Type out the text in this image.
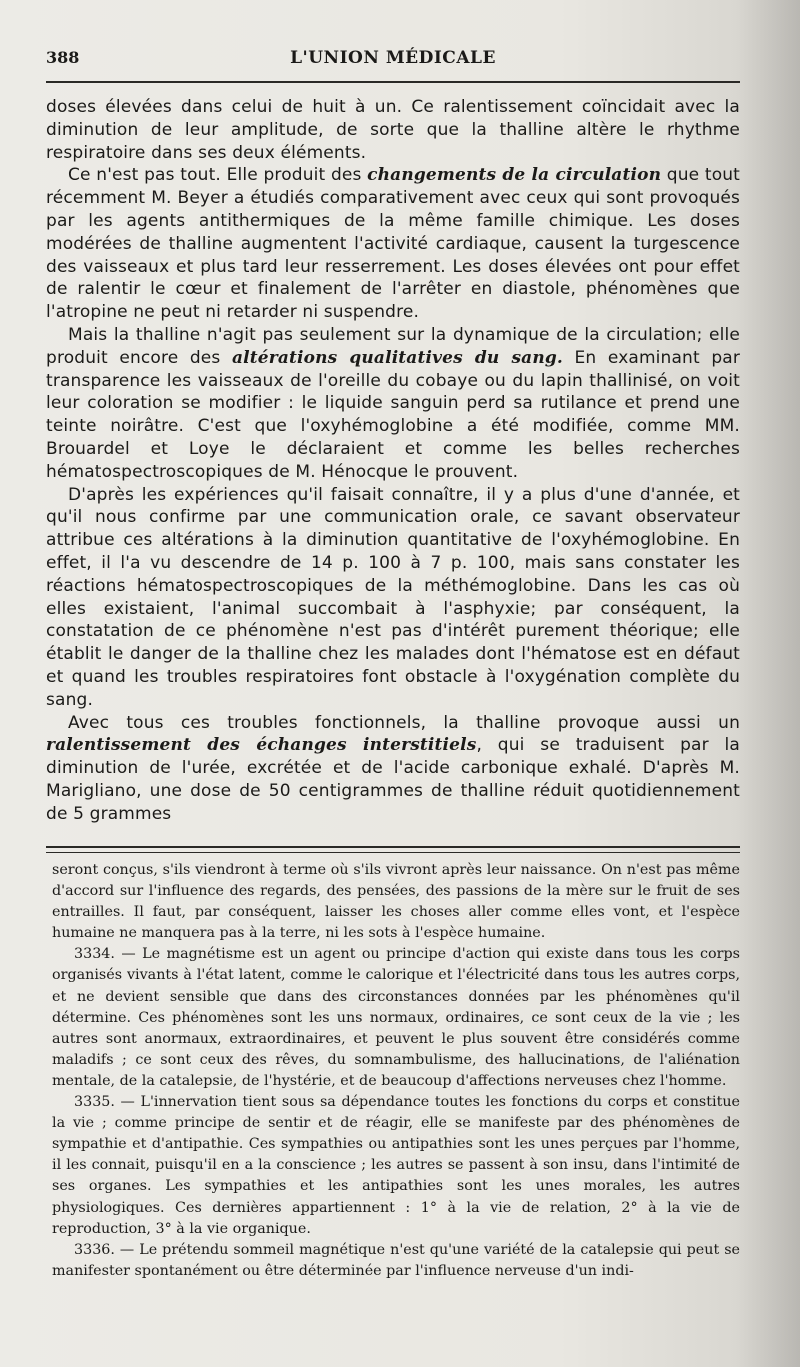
388	L'UNION MÉDICALE

doses élevées dans celui de huit à un. Ce ralentissement coïncidait avec la diminution de leur amplitude, de sorte que la thalline altère le rhythme respiratoire dans ses deux éléments.

Ce n'est pas tout. Elle produit des changements de la circulation que tout récemment M. Beyer a étudiés comparativement avec ceux qui sont provoqués par les agents antithermiques de la même famille chimique. Les doses modérées de thalline augmentent l'activité cardiaque, causent la turgescence des vaisseaux et plus tard leur resserrement. Les doses élevées ont pour effet de ralentir le cœur et finalement de l'arrêter en diastole, phénomènes que l'atropine ne peut ni retarder ni suspendre.

Mais la thalline n'agit pas seulement sur la dynamique de la circulation; elle produit encore des altérations qualitatives du sang. En examinant par transparence les vaisseaux de l'oreille du cobaye ou du lapin thallinisé, on voit leur coloration se modifier : le liquide sanguin perd sa rutilance et prend une teinte noirâtre. C'est que l'oxyhémoglobine a été modifiée, comme MM. Brouardel et Loye le déclaraient et comme les belles recherches hématospectroscopiques de M. Hénocque le prouvent.

D'après les expériences qu'il faisait connaître, il y a plus d'une d'année, et qu'il nous confirme par une communication orale, ce savant observateur attribue ces altérations à la diminution quantitative de l'oxyhémoglobine. En effet, il l'a vu descendre de 14 p. 100 à 7 p. 100, mais sans constater les réactions hématospectroscopiques de la méthémoglobine. Dans les cas où elles existaient, l'animal succombait à l'asphyxie; par conséquent, la constatation de ce phénomène n'est pas d'intérêt purement théorique; elle établit le danger de la thalline chez les malades dont l'hématose est en défaut et quand les troubles respiratoires font obstacle à l'oxygénation complète du sang.

Avec tous ces troubles fonctionnels, la thalline provoque aussi un ralentissement des échanges interstitiels, qui se traduisent par la diminution de l'urée, excrétée et de l'acide carbonique exhalé. D'après M. Marigliano, une dose de 50 centigrammes de thalline réduit quotidiennement de 5 grammes

seront conçus, s'ils viendront à terme où s'ils vivront après leur naissance. On n'est pas même d'accord sur l'influence des regards, des pensées, des passions de la mère sur le fruit de ses entrailles. Il faut, par conséquent, laisser les choses aller comme elles vont, et l'espèce humaine ne manquera pas à la terre, ni les sots à l'espèce humaine.

3334. — Le magnétisme est un agent ou principe d'action qui existe dans tous les corps organisés vivants à l'état latent, comme le calorique et l'électricité dans tous les autres corps, et ne devient sensible que dans des circonstances données par les phénomènes qu'il détermine. Ces phénomènes sont les uns normaux, ordinaires, ce sont ceux de la vie ; les autres sont anormaux, extraordinaires, et peuvent le plus souvent être considérés comme maladifs ; ce sont ceux des rêves, du somnambulisme, des hallucinations, de l'aliénation mentale, de la catalepsie, de l'hystérie, et de beaucoup d'affections nerveuses chez l'homme.

3335. — L'innervation tient sous sa dépendance toutes les fonctions du corps et constitue la vie ; comme principe de sentir et de réagir, elle se manifeste par des phénomènes de sympathie et d'antipathie. Ces sympathies ou antipathies sont les unes perçues par l'homme, il les connait, puisqu'il en a la conscience ; les autres se passent à son insu, dans l'intimité de ses organes. Les sympathies et les antipathies sont les unes morales, les autres physiologiques. Ces dernières appartiennent : 1° à la vie de relation, 2° à la vie de reproduction, 3° à la vie organique.

3336. — Le prétendu sommeil magnétique n'est qu'une variété de la catalepsie qui peut se manifester spontanément ou être déterminée par l'influence nerveuse d'un indi-
